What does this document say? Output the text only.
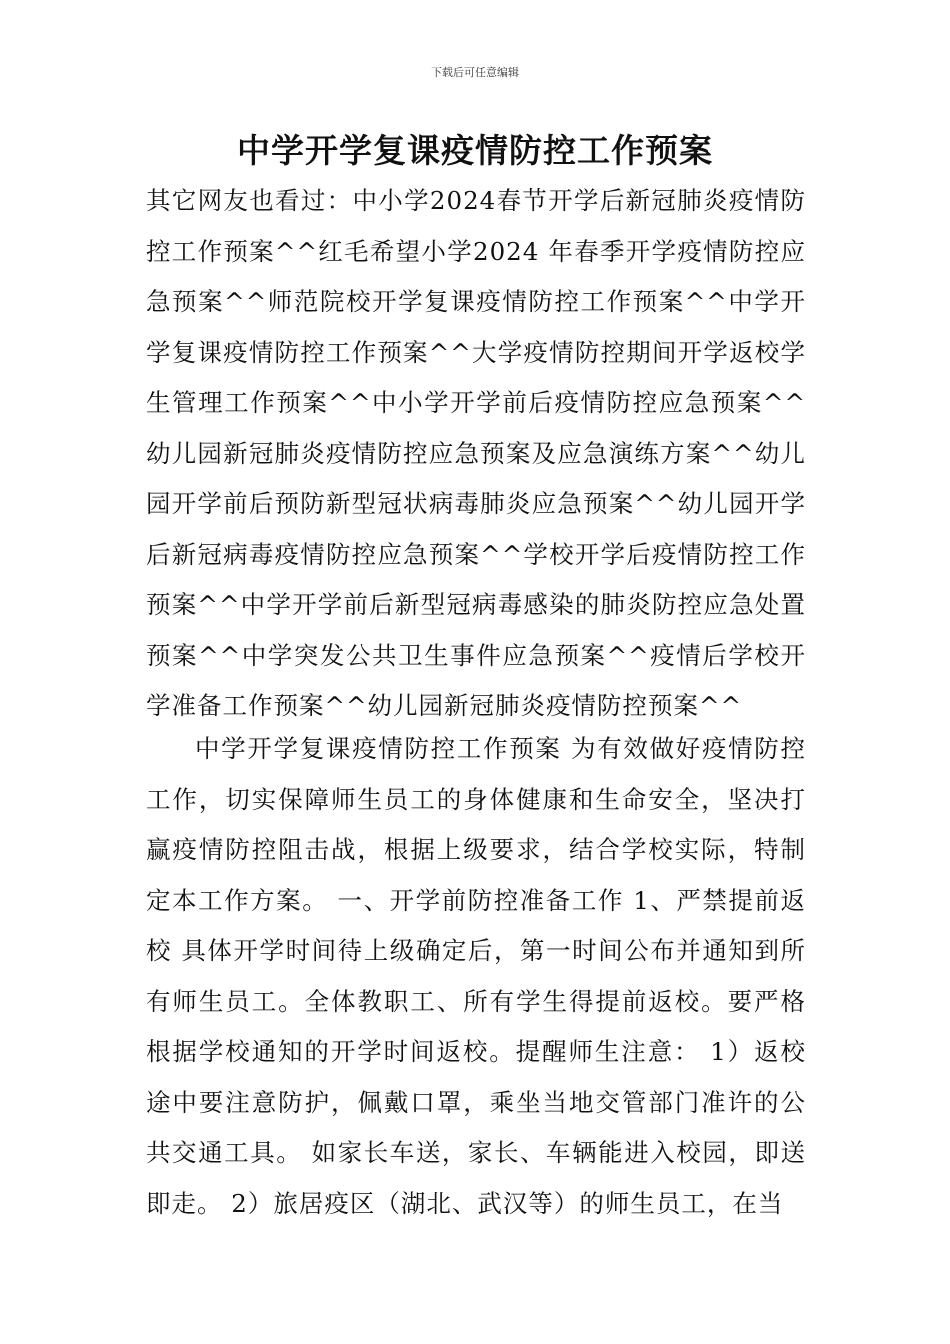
下载后可任意编辑
中学开学复课疫情防控工作预案

其它网友也看过：中小学2024春节开学后新冠肺炎疫情防控工作预案^^红毛希望小学2024 年春季开学疫情防控应急预案^^师范院校开学复课疫情防控工作预案^^中学开学复课疫情防控工作预案^^大学疫情防控期间开学返校学生管理工作预案^^中小学开学前后疫情防控应急预案^^幼儿园新冠肺炎疫情防控应急预案及应急演练方案^^幼儿园开学前后预防新型冠状病毒肺炎应急预案^^幼儿园开学后新冠病毒疫情防控应急预案^^学校开学后疫情防控工作预案^^中学开学前后新型冠病毒感染的肺炎防控应急处置预案^^中学突发公共卫生事件应急预案^^疫情后学校开学准备工作预案^^幼儿园新冠肺炎疫情防控预案^^

中学开学复课疫情防控工作预案 为有效做好疫情防控工作，切实保障师生员工的身体健康和生命安全，坚决打赢疫情防控阻击战，根据上级要求，结合学校实际，特制定本工作方案。 一、开学前防控准备工作 1、严禁提前返校 具体开学时间待上级确定后，第一时间公布并通知到所有师生员工。全体教职工、所有学生得提前返校。要严格根据学校通知的开学时间返校。提醒师生注意： 1）返校途中要注意防护，佩戴口罩，乘坐当地交管部门准许的公共交通工具。 如家长车送，家长、车辆能进入校园，即送即走。 2）旅居疫区（湖北、武汉等）的师生员工，在当
